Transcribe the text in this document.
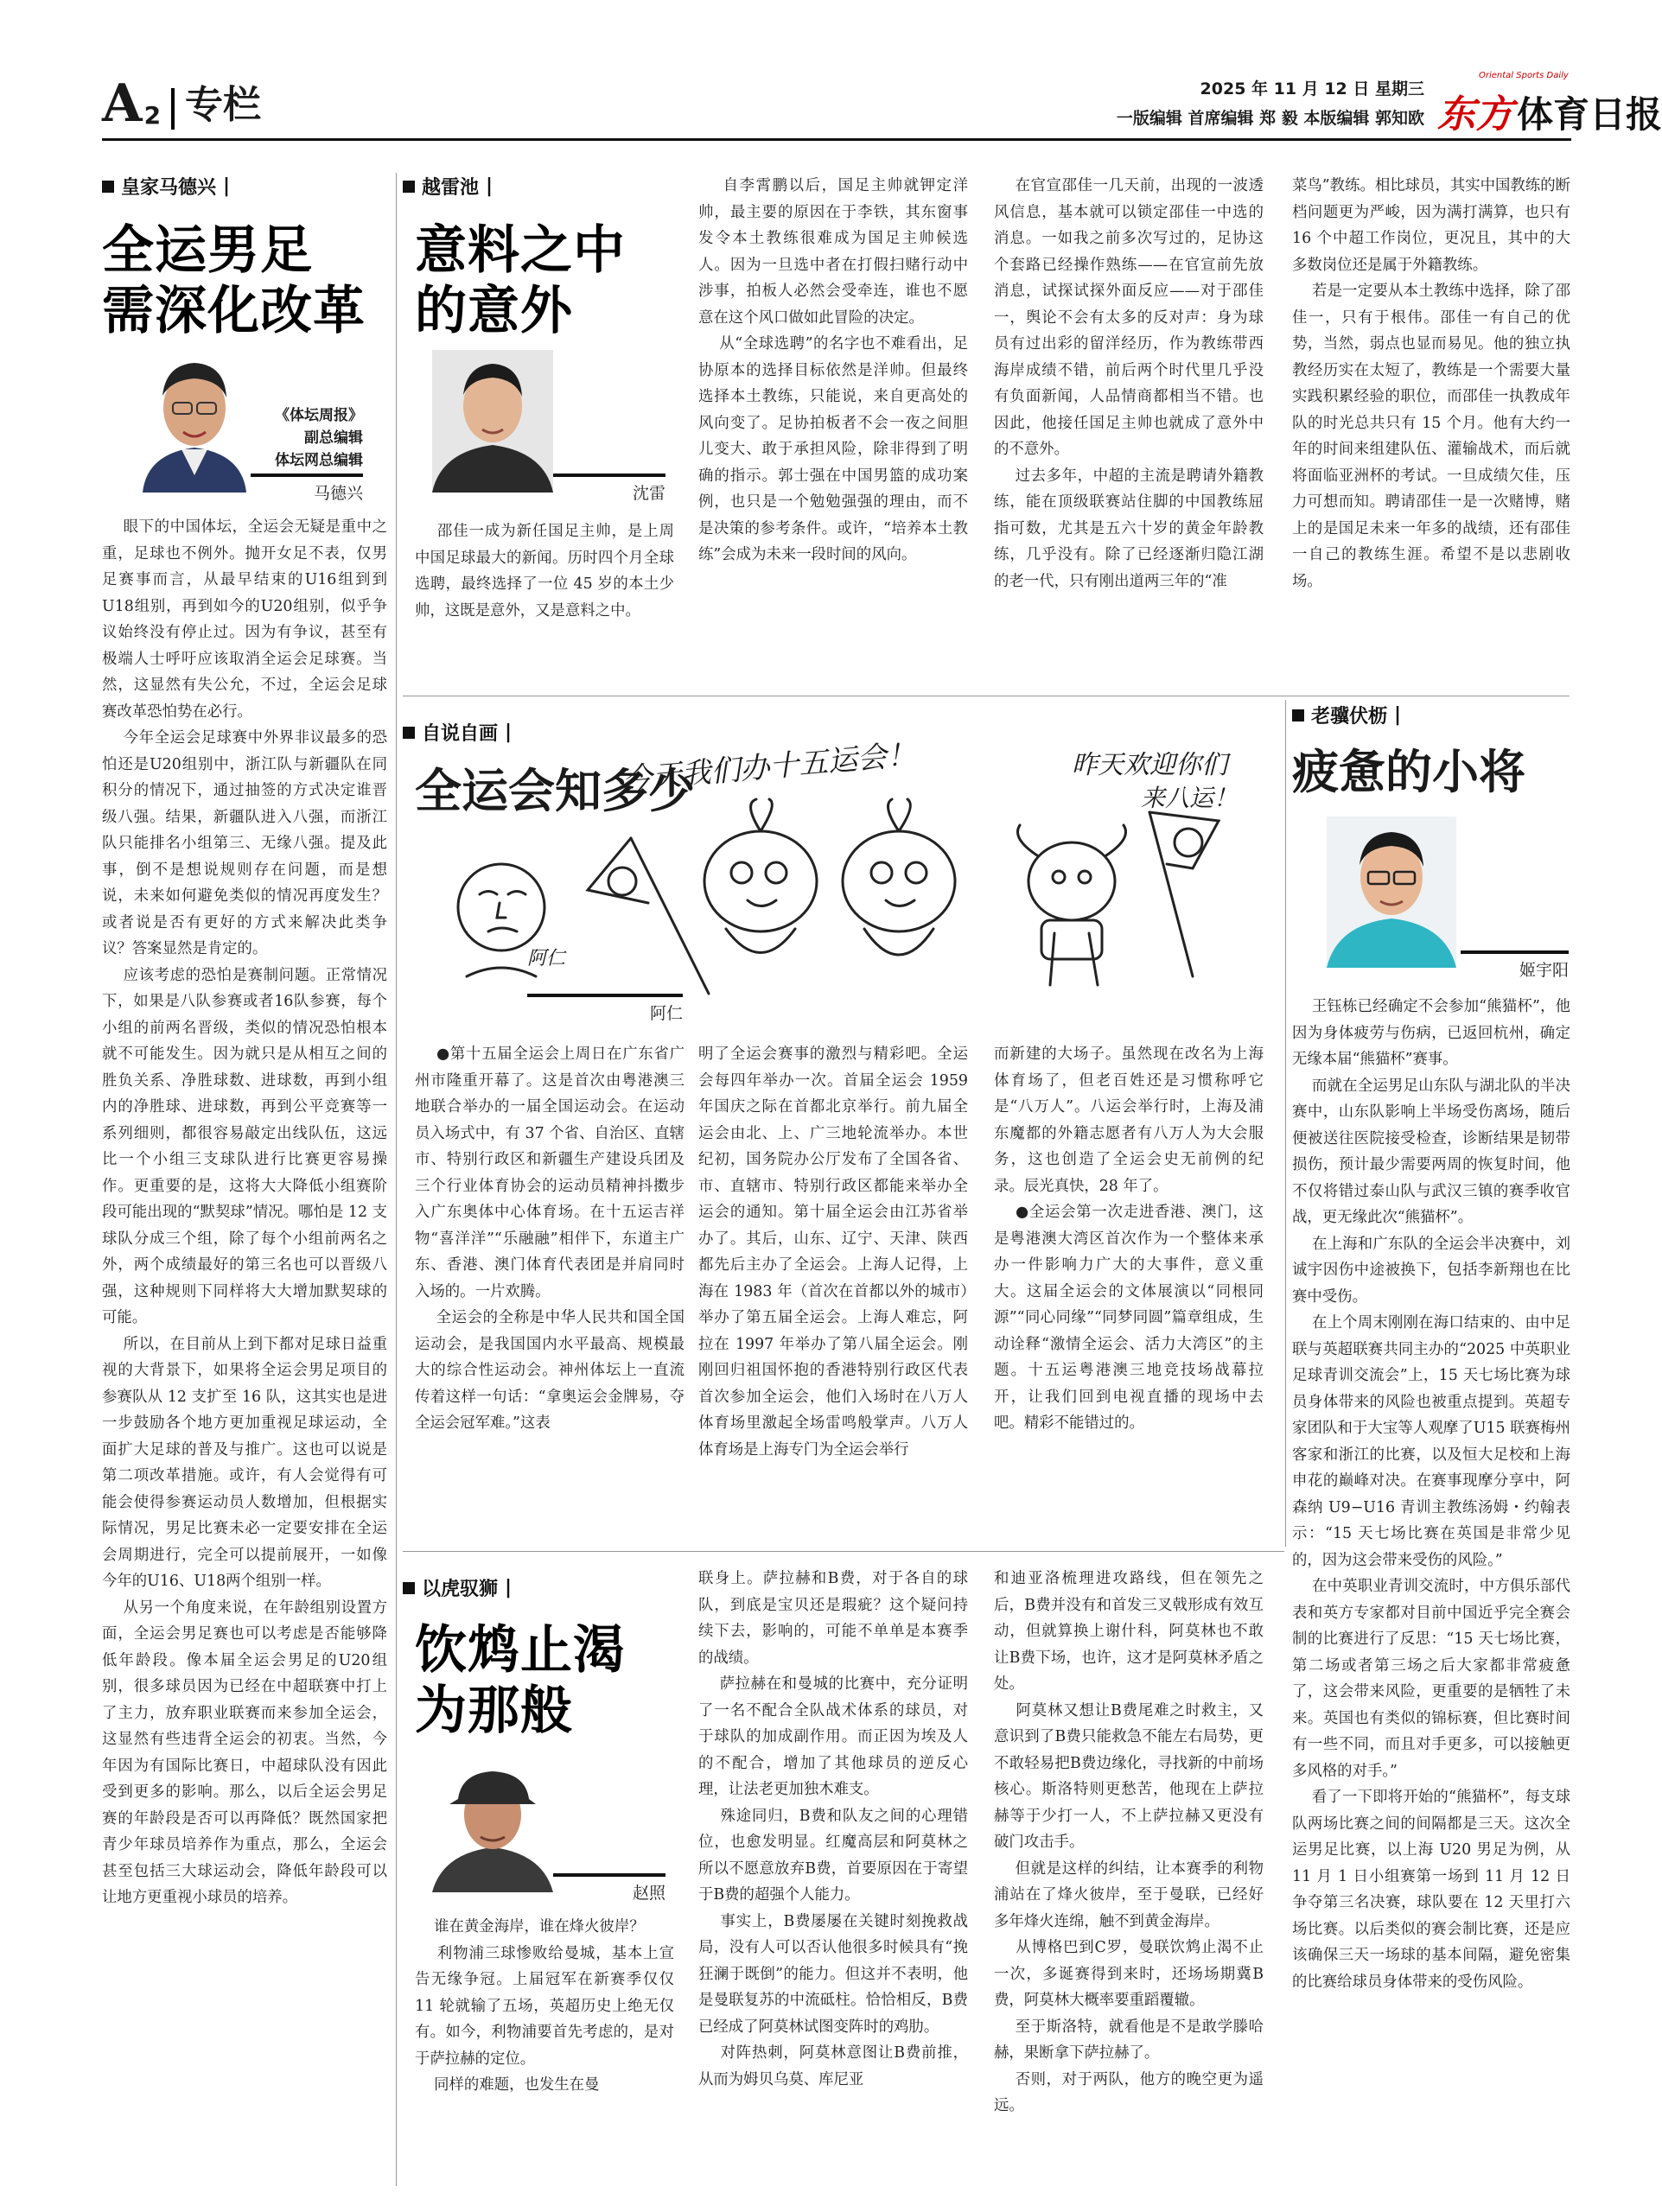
A 2 专栏	2025 年 11 月 12 日 星期三
一版编辑 首席编辑 郑 毅 本版编辑 郭知欧
Oriental Sports Daily
东方 体育日报
皇家马德兴 |
全运男足
需深化改革
《体坛周报》
副总编辑
体坛网总编辑
马德兴
眼下的中国体坛，全运会无疑是重中之重，足球也不例外。抛开女足不表，仅男足赛事而言，从最早结束的U16组到到U18组别，再到如今的U20组别，似乎争议始终没有停止过。因为有争议，甚至有极端人士呼吁应该取消全运会足球赛。当然，这显然有失公允，不过，全运会足球赛改革恐怕势在必行。
今年全运会足球赛中外界非议最多的恐怕还是U20组别中，浙江队与新疆队在同积分的情况下，通过抽签的方式决定谁晋级八强。结果，新疆队进入八强，而浙江队只能排名小组第三、无缘八强。提及此事，倒不是想说规则存在问题，而是想说，未来如何避免类似的情况再度发生？或者说是否有更好的方式来解决此类争议？答案显然是肯定的。
应该考虑的恐怕是赛制问题。正常情况下，如果是八队参赛或者16队参赛，每个小组的前两名晋级，类似的情况恐怕根本就不可能发生。因为就只是从相互之间的胜负关系、净胜球数、进球数，再到小组内的净胜球、进球数，再到公平竞赛等一系列细则，都很容易敲定出线队伍，这远比一个小组三支球队进行比赛更容易操作。更重要的是，这将大大降低小组赛阶段可能出现的“默契球”情况。哪怕是 12 支球队分成三个组，除了每个小组前两名之外，两个成绩最好的第三名也可以晋级八强，这种规则下同样将大大增加默契球的可能。
所以，在目前从上到下都对足球日益重视的大背景下，如果将全运会男足项目的参赛队从 12 支扩至 16 队，这其实也是进一步鼓励各个地方更加重视足球运动，全面扩大足球的普及与推广。这也可以说是第二项改革措施。或许，有人会觉得有可能会使得参赛运动员人数增加，但根据实际情况，男足比赛未必一定要安排在全运会周期进行，完全可以提前展开，一如像今年的U16、U18两个组别一样。
从另一个角度来说，在年龄组别设置方面，全运会男足赛也可以考虑是否能够降低年龄段。像本届全运会男足的U20组别，很多球员因为已经在中超联赛中打上了主力，放弃职业联赛而来参加全运会，这显然有些违背全运会的初衷。当然，今年因为有国际比赛日，中超球队没有因此受到更多的影响。那么，以后全运会男足赛的年龄段是否可以再降低？既然国家把青少年球员培养作为重点，那么，全运会甚至包括三大球运动会，降低年龄段可以让地方更重视小球员的培养。
越雷池 |
意料之中
的意外
沈雷
邵佳一成为新任国足主帅，是上周中国足球最大的新闻。历时四个月全球选聘，最终选择了一位 45 岁的本土少帅，这既是意外，又是意料之中。
自李霄鹏以后，国足主帅就钾定洋帅，最主要的原因在于李铁，其东窗事发令本土教练很难成为国足主帅候选人。因为一旦选中者在打假扫赌行动中涉事，拍板人必然会受牵连，谁也不愿意在这个风口做如此冒险的决定。
从“全球选聘”的名字也不难看出，足协原本的选择目标依然是洋帅。但最终选择本土教练，只能说，来自更高处的风向变了。足协拍板者不会一夜之间胆儿变大、敢于承担风险，除非得到了明确的指示。郭士强在中国男篮的成功案例，也只是一个勉勉强强的理由，而不是决策的参考条件。或许，“培养本土教练”会成为未来一段时间的风向。
在官宣邵佳一几天前，出现的一波透风信息，基本就可以锁定邵佳一中选的消息。一如我之前多次写过的，足协这个套路已经操作熟练——在官宣前先放消息，试探试探外面反应——对于邵佳一，舆论不会有太多的反对声：身为球员有过出彩的留洋经历，作为教练带西海岸成绩不错，前后两个时代里几乎没有负面新闻，人品情商都相当不错。也因此，他接任国足主帅也就成了意外中的不意外。
过去多年，中超的主流是聘请外籍教练，能在顶级联赛站住脚的中国教练屈指可数，尤其是五六十岁的黄金年龄教练，几乎没有。除了已经逐渐归隐江湖的老一代，只有刚出道两三年的“准
菜鸟”教练。相比球员，其实中国教练的断档问题更为严峻，因为满打满算，也只有 16 个中超工作岗位，更况且，其中的大多数岗位还是属于外籍教练。
若是一定要从本土教练中选择，除了邵佳一，只有于根伟。邵佳一有自己的优势，当然，弱点也显而易见。他的独立执教经历实在太短了，教练是一个需要大量实践积累经验的职位，而邵佳一执教成年队的时光总共只有 15 个月。他有大约一年的时间来组建队伍、灌输战术，而后就将面临亚洲杯的考试。一旦成绩欠佳，压力可想而知。聘请邵佳一是一次赌博，赌上的是国足未来一年多的战绩，还有邵佳一自己的教练生涯。希望不是以悲剧收场。
自说自画 |
全运会知多少
今天我们办十五运会！	昨天欢迎你们
来八运！
阿仁
阿仁
●第十五届全运会上周日在广东省广州市隆重开幕了。这是首次由粤港澳三地联合举办的一届全国运动会。在运动员入场式中，有 37 个省、自治区、直辖市、特别行政区和新疆生产建设兵团及三个行业体育协会的运动员精神抖擞步入广东奥体中心体育场。在十五运吉祥物“喜洋洋”“乐融融”相伴下，东道主广东、香港、澳门体育代表团是并肩同时入场的。一片欢腾。
全运会的全称是中华人民共和国全国运动会，是我国国内水平最高、规模最大的综合性运动会。神州体坛上一直流传着这样一句话：“拿奥运会金牌易，夺全运会冠军难。”这表
明了全运会赛事的激烈与精彩吧。全运会每四年举办一次。首届全运会 1959 年国庆之际在首都北京举行。前九届全运会由北、上、广三地轮流举办。本世纪初，国务院办公厅发布了全国各省、市、直辖市、特别行政区都能来举办全运会的通知。第十届全运会由江苏省举办了。其后，山东、辽宁、天津、陕西都先后主办了全运会。上海人记得，上海在 1983 年（首次在首都以外的城市）举办了第五届全运会。上海人难忘，阿拉在 1997 年举办了第八届全运会。刚刚回归祖国怀抱的香港特别行政区代表首次参加全运会，他们入场时在八万人体育场里激起全场雷鸣般掌声。八万人体育场是上海专门为全运会举行
而新建的大场子。虽然现在改名为上海体育场了，但老百姓还是习惯称呼它是“八万人”。八运会举行时，上海及浦东魔都的外籍志愿者有八万人为大会服务，这也创造了全运会史无前例的纪录。辰光真快，28 年了。
●全运会第一次走进香港、澳门，这是粤港澳大湾区首次作为一个整体来承办一件影响力广大的大事件，意义重大。这届全运会的文体展演以“同根同源”“同心同缘”“同梦同圆”篇章组成，生动诠释“激情全运会、活力大湾区”的主题。十五运粤港澳三地竞技场战幕拉开，让我们回到电视直播的现场中去吧。精彩不能错过的。
老骥伏枥 |
疲惫的小将
姬宇阳
王钰栋已经确定不会参加“熊猫杯”，他因为身体疲劳与伤病，已返回杭州，确定无缘本届“熊猫杯”赛事。
而就在全运男足山东队与湖北队的半决赛中，山东队影响上半场受伤离场，随后便被送往医院接受检查，诊断结果是韧带损伤，预计最少需要两周的恢复时间，他不仅将错过泰山队与武汉三镇的赛季收官战，更无缘此次“熊猫杯”。
在上海和广东队的全运会半决赛中，刘诚宇因伤中途被换下，包括李新翔也在比赛中受伤。
在上个周末刚刚在海口结束的、由中足联与英超联赛共同主办的“2025 中英职业足球青训交流会”上，15 天七场比赛为球员身体带来的风险也被重点提到。英超专家团队和于大宝等人观摩了U15 联赛梅州客家和浙江的比赛，以及恒大足校和上海申花的巅峰对决。在赛事现摩分享中，阿森纳 U9−U16 青训主教练汤姆・约翰表示：“15 天七场比赛在英国是非常少见的，因为这会带来受伤的风险。”
在中英职业青训交流时，中方俱乐部代表和英方专家都对目前中国近乎完全赛会制的比赛进行了反思：“15 天七场比赛，第二场或者第三场之后大家都非常疲惫了，这会带来风险，更重要的是牺牲了未来。英国也有类似的锦标赛，但比赛时间有一些不同，而且对手更多，可以接触更多风格的对手。”
看了一下即将开始的“熊猫杯”，每支球队两场比赛之间的间隔都是三天。这次全运男足比赛，以上海 U20 男足为例，从 11 月 1 日小组赛第一场到 11 月 12 日争夺第三名决赛，球队要在 12 天里打六场比赛。以后类似的赛会制比赛，还是应该确保三天一场球的基本间隔，避免密集的比赛给球员身体带来的受伤风险。
以虎驭狮 |
饮鸩止渴
为那般
赵照
谁在黄金海岸，谁在烽火彼岸？
利物浦三球惨败给曼城，基本上宣告无缘争冠。上届冠军在新赛季仅仅 11 轮就输了五场，英超历史上绝无仅有。如今，利物浦要首先考虑的，是对于萨拉赫的定位。
同样的难题，也发生在曼
联身上。萨拉赫和B费，对于各自的球队，到底是宝贝还是瑕疵？这个疑问持续下去，影响的，可能不单单是本赛季的战绩。
萨拉赫在和曼城的比赛中，充分证明了一名不配合全队战术体系的球员，对于球队的加成副作用。而正因为埃及人的不配合，增加了其他球员的逆反心理，让法老更加独木难支。
殊途同归，B费和队友之间的心理错位，也愈发明显。红魔高层和阿莫林之所以不愿意放弃B费，首要原因在于寄望于B费的超强个人能力。
事实上，B费屡屡在关键时刻挽救战局，没有人可以否认他很多时候具有“挽狂澜于既倒”的能力。但这并不表明，他是曼联复苏的中流砥柱。恰恰相反，B费已经成了阿莫林试图变阵时的鸡肋。
对阵热刺，阿莫林意图让B费前推，从而为姆贝乌莫、库尼亚
和迪亚洛梳理进攻路线，但在领先之后，B费并没有和首发三叉戟形成有效互动，但就算换上谢什科，阿莫林也不敢让B费下场，也许，这才是阿莫林矛盾之处。
阿莫林又想让B费尾难之时救主，又意识到了B费只能救急不能左右局势，更不敢轻易把B费边缘化，寻找新的中前场核心。斯洛特则更愁苦，他现在上萨拉赫等于少打一人，不上萨拉赫又更没有破门攻击手。
但就是这样的纠结，让本赛季的利物浦站在了烽火彼岸，至于曼联，已经好多年烽火连绵，触不到黄金海岸。
从博格巴到C罗，曼联饮鸩止渴不止一次，多诞赛得到来时，还场场期冀B费，阿莫林大概率要重蹈覆辙。
至于斯洛特，就看他是不是敢学滕哈赫，果断拿下萨拉赫了。
否则，对于两队，他方的晚空更为遥远。
